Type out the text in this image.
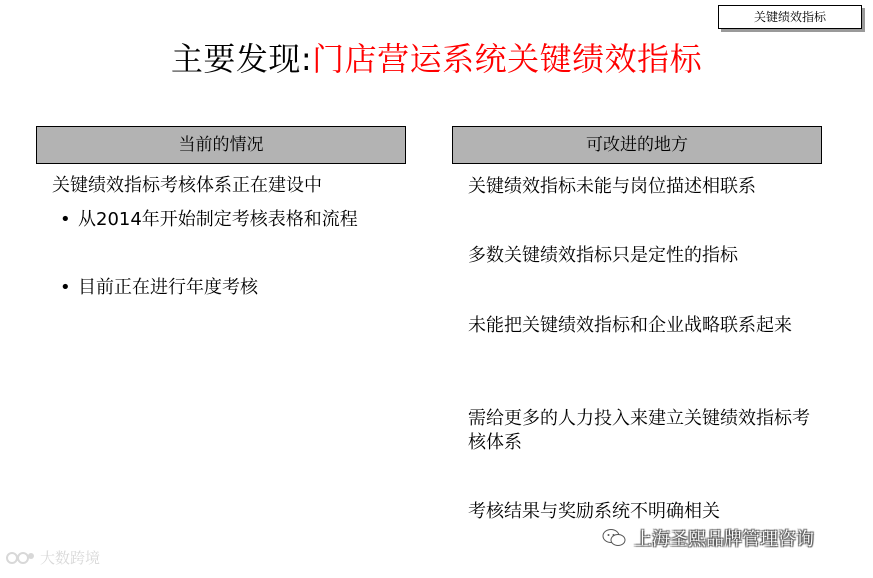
关键绩效指标
主要发现:门店营运系统关键绩效指标
当前的情况	可改进的地方
关键绩效指标考核体系正在建设中
• 从2014年开始制定考核表格和流程
• 目前正在进行年度考核
关键绩效指标未能与岗位描述相联系
多数关键绩效指标只是定性的指标
未能把关键绩效指标和企业战略联系起来
需给更多的人力投入来建立关键绩效指标考核体系
考核结果与奖励系统不明确相关
大数跨境
上海圣熙品牌管理咨询
